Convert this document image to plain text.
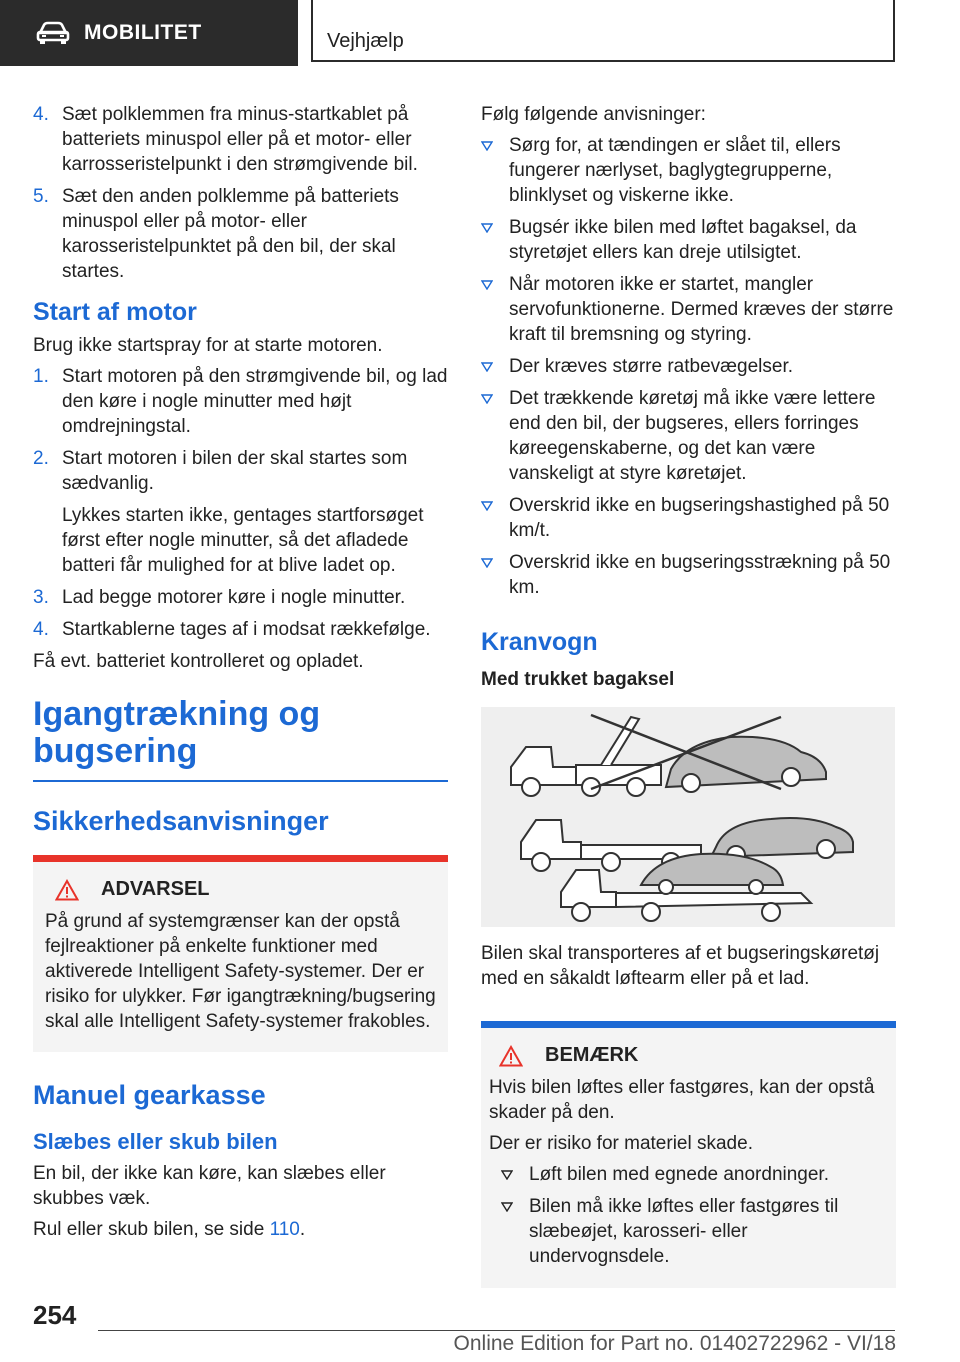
MOBILITET	Vejhjælp
4. Sæt polklemmen fra minus-startkablet på batteriets minuspol eller på et motor- eller karrosseristelpunkt i den strømgivende bil.
5. Sæt den anden polklemme på batteriets minuspol eller på motor- eller karosseristelpunktet på den bil, der skal startes.
Start af motor

Brug ikke startspray for at starte motoren.

1. Start motoren på den strømgivende bil, og lad den køre i nogle minutter med højt omdrejningstal.
2. Start motoren i bilen der skal startes som sædvanlig.
Lykkes starten ikke, gentages startforsøget først efter nogle minutter, så det afladede batteri får mulighed for at blive ladet op.
3. Lad begge motorer køre i nogle minutter.
4. Startkablerne tages af i modsat rækkefølge.

Få evt. batteriet kontrolleret og opladet.

Igangtrækning og
bugsering
Sikkerhedsanvisninger
ADVARSEL

På grund af systemgrænser kan der opstå fejlreaktioner på enkelte funktioner med aktiverede Intelligent Safety-systemer. Der er risiko for ulykker. Før igangtrækning/bugsering skal alle Intelligent Safety-systemer frakobles.

Manuel gearkasse
Slæbes eller skub bilen

En bil, der ikke kan køre, kan slæbes eller skubbes væk.

Rul eller skub bilen, se side 110.

Følg følgende anvisninger:

Sørg for, at tændingen er slået til, ellers fungerer nærlyset, baglygtegrupperne, blinklyset og viskerne ikke.
Bugsér ikke bilen med løftet bagaksel, da styretøjet ellers kan dreje utilsigtet.
Når motoren ikke er startet, mangler servofunktionerne. Dermed kræves der større kraft til bremsning og styring.
Der kræves større ratbevægelser.
Det trækkende køretøj må ikke være lettere end den bil, der bugseres, ellers forringes køreegenskaberne, og det kan være vanskeligt at styre køretøjet.
Overskrid ikke en bugseringshastighed på 50 km/t.
Overskrid ikke en bugseringsstrækning på 50 km.
Kranvogn
Med trukket bagaksel

Bilen skal transporteres af et bugseringskøretøj med en såkaldt løftearm eller på et lad.

BEMÆRK

Hvis bilen løftes eller fastgøres, kan der opstå skader på den.

Der er risiko for materiel skade.

Løft bilen med egnede anordninger.
Bilen må ikke løftes eller fastgøres til slæbeøjet, karosseri- eller undervognsdele.
254
Online Edition for Part no. 01402722962 - VI/18
